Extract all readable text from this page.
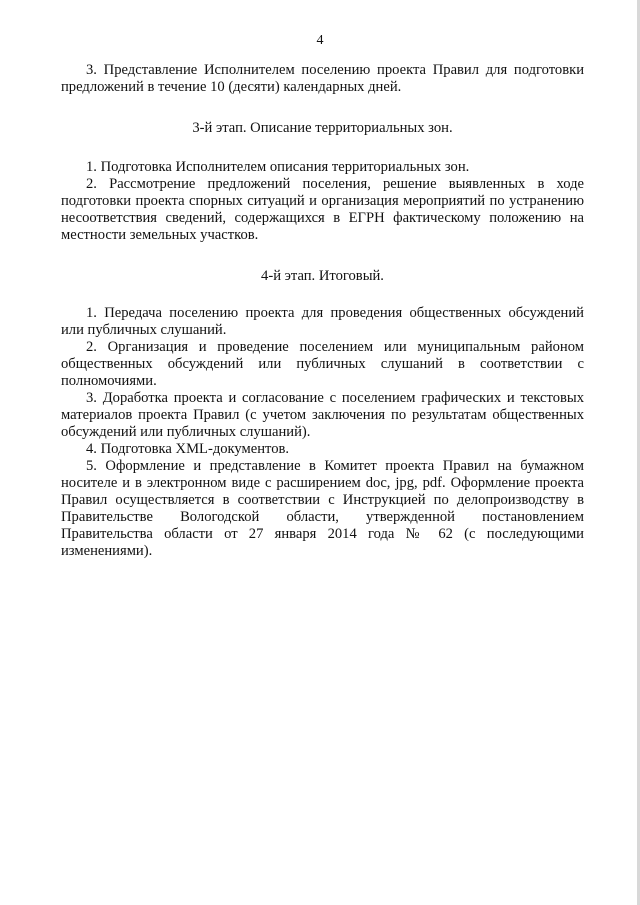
4

3. Представление Исполнителем поселению проекта Правил для подготовки предложений в течение 10 (десяти) календарных дней.

3-й этап. Описание территориальных зон.

1. Подготовка Исполнителем описания территориальных зон.

2. Рассмотрение предложений поселения, решение выявленных в ходе подготовки проекта спорных ситуаций и организация мероприятий по устранению несоответствия сведений, содержащихся в ЕГРН фактическому положению на местности земельных участков.

4-й этап. Итоговый.

1. Передача поселению проекта для проведения общественных обсуждений или публичных слушаний.

2. Организация и проведение поселением или муниципальным районом общественных обсуждений или публичных слушаний в соответствии с полномочиями.

3. Доработка проекта и согласование с поселением графических и текстовых материалов проекта Правил (с учетом заключения по результатам общественных обсуждений или публичных слушаний).

4. Подготовка XML-документов.

5. Оформление и представление в Комитет проекта Правил на бумажном носителе и в электронном виде с расширением doc, jpg, pdf. Оформление проекта Правил осуществляется в соответствии с Инструкцией по делопроизводству в Правительстве Вологодской области, утвержденной постановлением Правительства области от 27 января 2014 года № 62 (с последующими изменениями).
